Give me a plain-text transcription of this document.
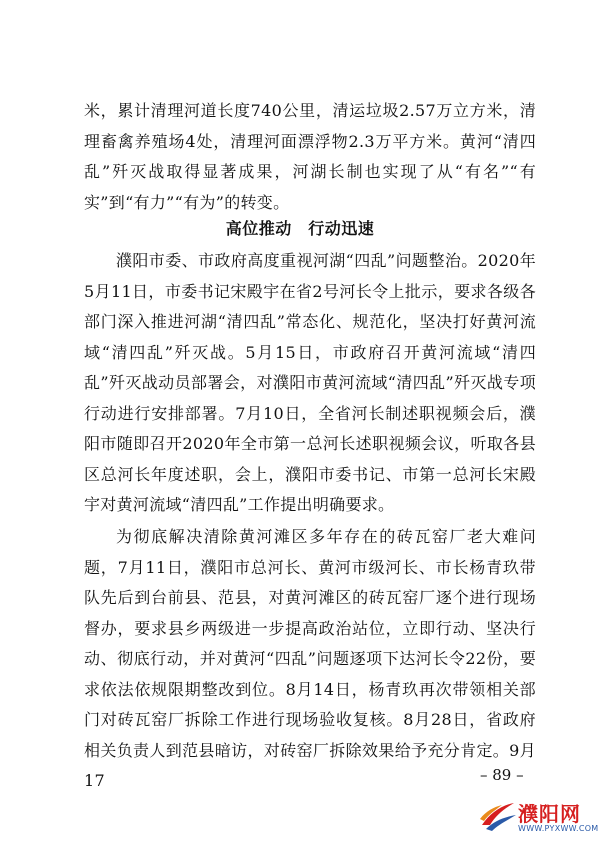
米，累计清理河道长度740公里，清运垃圾2.57万立方米，清理畜禽养殖场4处，清理河面漂浮物2.3万平方米。黄河“清四乱”歼灭战取得显著成果，河湖长制也实现了从“有名”“有实”到“有力”“有为”的转变。

高位推动　行动迅速

濮阳市委、市政府高度重视河湖“四乱”问题整治。2020年5月11日，市委书记宋殿宇在省2号河长令上批示，要求各级各部门深入推进河湖“清四乱”常态化、规范化，坚决打好黄河流域“清四乱”歼灭战。5月15日，市政府召开黄河流域“清四乱”歼灭战动员部署会，对濮阳市黄河流域“清四乱”歼灭战专项行动进行安排部署。7月10日，全省河长制述职视频会后，濮阳市随即召开2020年全市第一总河长述职视频会议，听取各县区总河长年度述职，会上，濮阳市委书记、市第一总河长宋殿宇对黄河流域“清四乱”工作提出明确要求。

为彻底解决清除黄河滩区多年存在的砖瓦窑厂老大难问题，7月11日，濮阳市总河长、黄河市级河长、市长杨青玖带队先后到台前县、范县，对黄河滩区的砖瓦窑厂逐个进行现场督办，要求县乡两级进一步提高政治站位，立即行动、坚决行动、彻底行动，并对黄河“四乱”问题逐项下达河长令22份，要求依法依规限期整改到位。8月14日，杨青玖再次带领相关部门对砖瓦窑厂拆除工作进行现场验收复核。8月28日，省政府相关负责人到范县暗访，对砖窑厂拆除效果给予充分肯定。9月17	– 89 –
濮阳网
WWW.PYXWW.COM
